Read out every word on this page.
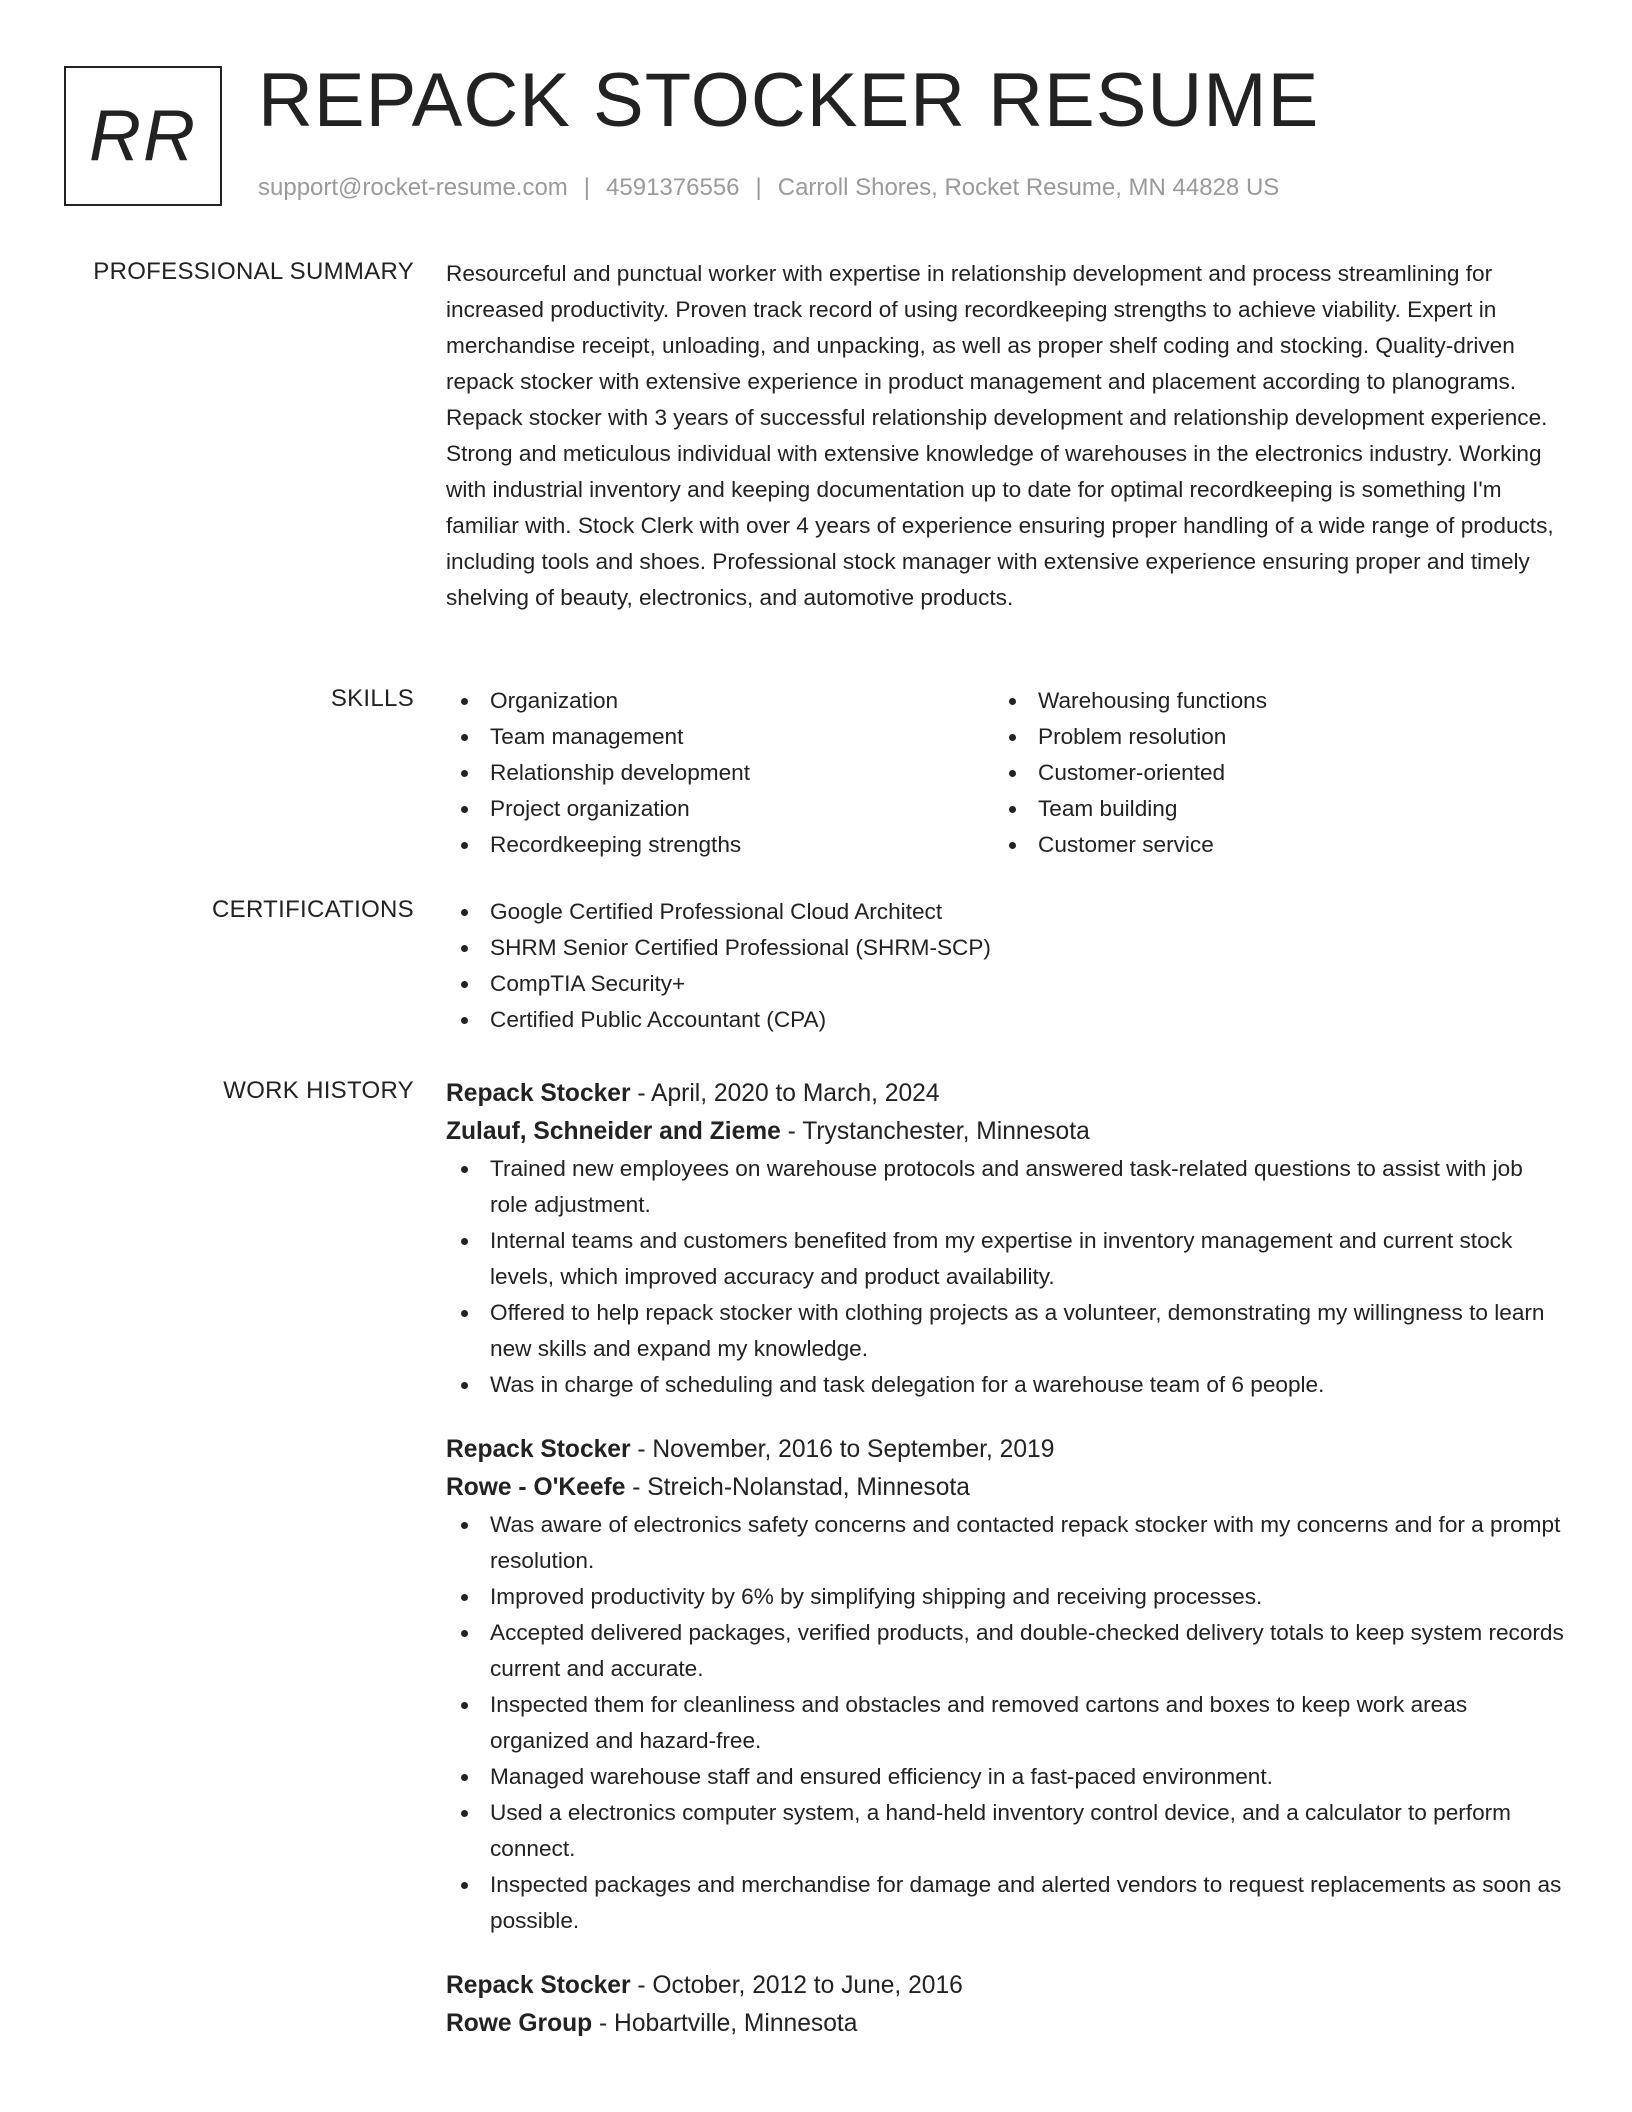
RR REPACK STOCKER RESUME
support@rocket-resume.com | 4591376556 | Carroll Shores, Rocket Resume, MN 44828 US
PROFESSIONAL SUMMARY Resourceful and punctual worker with expertise in relationship development and process streamlining for increased productivity. Proven track record of using recordkeeping strengths to achieve viability. Expert in merchandise receipt, unloading, and unpacking, as well as proper shelf coding and stocking. Quality-driven repack stocker with extensive experience in product management and placement according to planograms. Repack stocker with 3 years of successful relationship development and relationship development experience. Strong and meticulous individual with extensive knowledge of warehouses in the electronics industry. Working with industrial inventory and keeping documentation up to date for optimal recordkeeping is something I'm familiar with. Stock Clerk with over 4 years of experience ensuring proper handling of a wide range of products, including tools and shoes. Professional stock manager with extensive experience ensuring proper and timely shelving of beauty, electronics, and automotive products.

SKILLS	Organization
Team management
Relationship development
Project organization
Recordkeeping strengths
Warehousing functions
Problem resolution
Customer-oriented
Team building
Customer service
CERTIFICATIONS	Google Certified Professional Cloud Architect
SHRM Senior Certified Professional (SHRM-SCP)
CompTIA Security+
Certified Public Accountant (CPA)
WORK HISTORY Repack Stocker - April, 2020 to March, 2024
Zulauf, Schneider and Zieme - Trystanchester, Minnesota
Trained new employees on warehouse protocols and answered task-related questions to assist with job role adjustment.
Internal teams and customers benefited from my expertise in inventory management and current stock levels, which improved accuracy and product availability.
Offered to help repack stocker with clothing projects as a volunteer, demonstrating my willingness to learn new skills and expand my knowledge.
Was in charge of scheduling and task delegation for a warehouse team of 6 people.
Repack Stocker - November, 2016 to September, 2019
Rowe - O'Keefe - Streich-Nolanstad, Minnesota
Was aware of electronics safety concerns and contacted repack stocker with my concerns and for a prompt resolution.
Improved productivity by 6% by simplifying shipping and receiving processes.
Accepted delivered packages, verified products, and double-checked delivery totals to keep system records current and accurate.
Inspected them for cleanliness and obstacles and removed cartons and boxes to keep work areas organized and hazard-free.
Managed warehouse staff and ensured efficiency in a fast-paced environment.
Used a electronics computer system, a hand-held inventory control device, and a calculator to perform connect.
Inspected packages and merchandise for damage and alerted vendors to request replacements as soon as possible.
Repack Stocker - October, 2012 to June, 2016
Rowe Group - Hobartville, Minnesota
